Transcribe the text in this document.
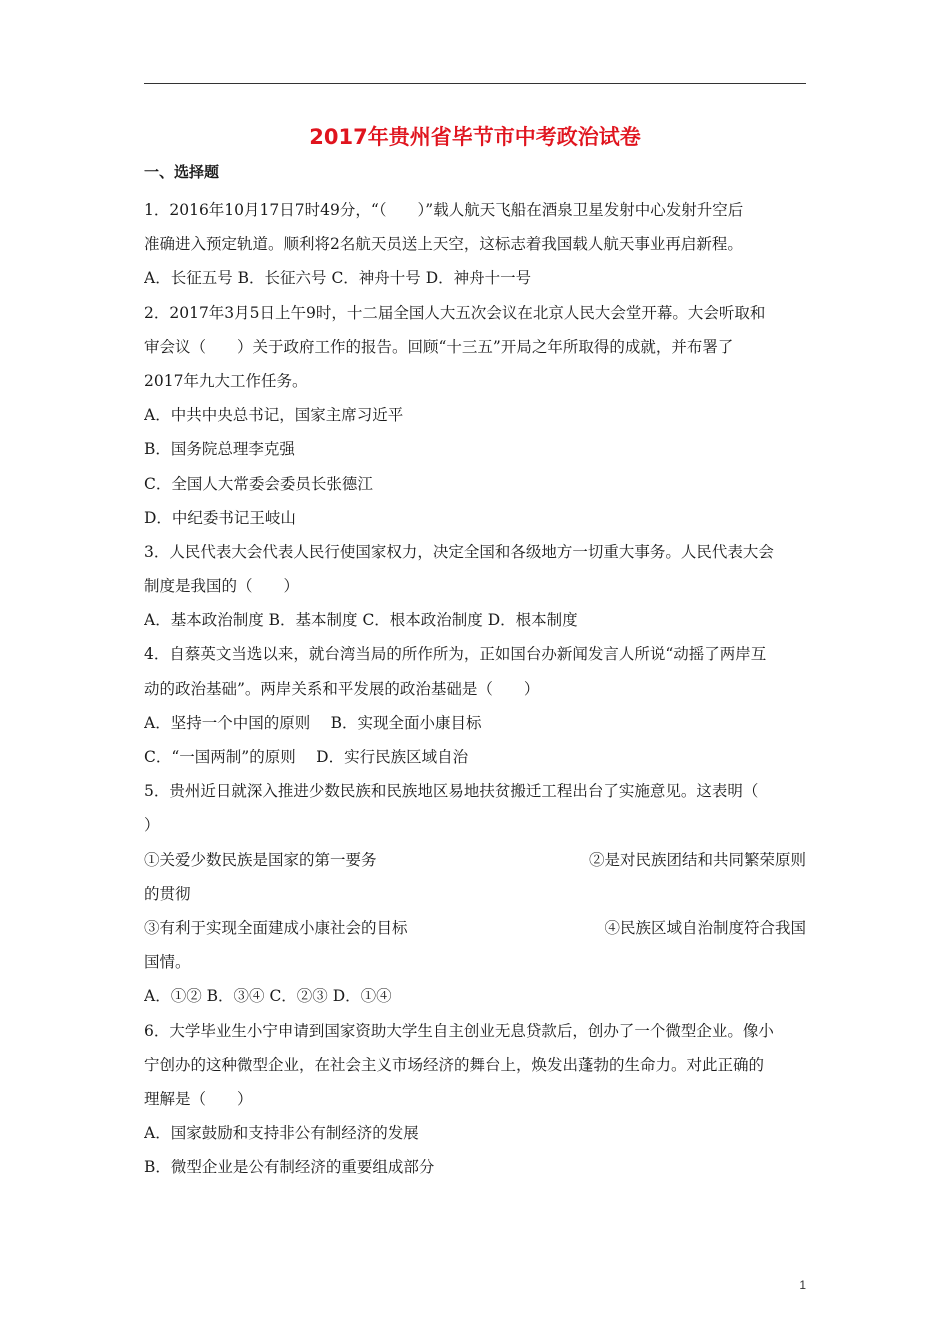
2017年贵州省毕节市中考政治试卷
一、选择题
1．2016年10月17日7时49分，“（　　）”载人航天飞船在酒泉卫星发射中心发射升空后
准确进入预定轨道。顺利将2名航天员送上天空，这标志着我国载人航天事业再启新程。
A．长征五号 B．长征六号 C．神舟十号 D．神舟十一号
2．2017年3月5日上午9时，十二届全国人大五次会议在北京人民大会堂开幕。大会听取和
审会议（　　）关于政府工作的报告。回顾“十三五”开局之年所取得的成就，并布署了
2017年九大工作任务。
A．中共中央总书记，国家主席习近平
B．国务院总理李克强
C．全国人大常委会委员长张德江
D．中纪委书记王岐山
3．人民代表大会代表人民行使国家权力，决定全国和各级地方一切重大事务。人民代表大会
制度是我国的（　　）
A．基本政治制度 B．基本制度 C．根本政治制度 D．根本制度
4．自蔡英文当选以来，就台湾当局的所作所为，正如国台办新闻发言人所说“动摇了两岸互
动的政治基础”。两岸关系和平发展的政治基础是（　　）
A．坚持一个中国的原则　 B．实现全面小康目标
C．“一国两制”的原则　 D．实行民族区域自治
5．贵州近日就深入推进少数民族和民族地区易地扶贫搬迁工程出台了实施意见。这表明（
）
①关爱少数民族是国家的第一要务	②是对民族团结和共同繁荣原则
的贯彻
③有利于实现全面建成小康社会的目标	④民族区域自治制度符合我国
国情。
A．①② B．③④ C．②③ D．①④
6．大学毕业生小宁申请到国家资助大学生自主创业无息贷款后，创办了一个微型企业。像小
宁创办的这种微型企业，在社会主义市场经济的舞台上，焕发出蓬勃的生命力。对此正确的
理解是（　　）
A．国家鼓励和支持非公有制经济的发展
B．微型企业是公有制经济的重要组成部分
1
